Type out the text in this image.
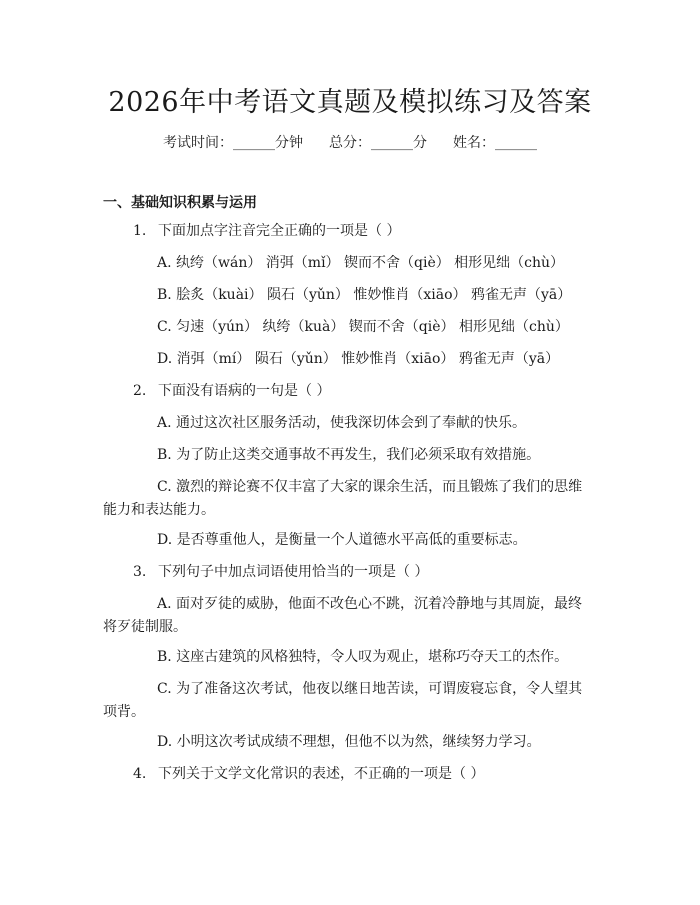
2026年中考语文真题及模拟练习及答案
考试时间：______分钟 总分：______分 姓名：______
一、基础知识积累与运用
1. 下面加点字注音完全正确的一项是（ ）
A. 纨绔（wán） 消弭（mǐ） 锲而不舍（qiè） 相形见绌（chù）
B. 脍炙（kuài） 陨石（yǔn） 惟妙惟肖（xiāo） 鸦雀无声（yā）
C. 匀速（yún） 纨绔（kuà） 锲而不舍（qiè） 相形见绌（chù）
D. 消弭（mí） 陨石（yǔn） 惟妙惟肖（xiāo） 鸦雀无声（yā）
2. 下面没有语病的一句是（ ）
A. 通过这次社区服务活动，使我深切体会到了奉献的快乐。
B. 为了防止这类交通事故不再发生，我们必须采取有效措施。
C. 激烈的辩论赛不仅丰富了大家的课余生活，而且锻炼了我们的思维能力和表达能力。
D. 是否尊重他人，是衡量一个人道德水平高低的重要标志。
3. 下列句子中加点词语使用恰当的一项是（ ）
A. 面对歹徒的威胁，他面不改色心不跳，沉着冷静地与其周旋，最终将歹徒制服。
B. 这座古建筑的风格独特，令人叹为观止，堪称巧夺天工的杰作。
C. 为了准备这次考试，他夜以继日地苦读，可谓废寝忘食，令人望其项背。
D. 小明这次考试成绩不理想，但他不以为然，继续努力学习。
4. 下列关于文学文化常识的表述，不正确的一项是（ ）
